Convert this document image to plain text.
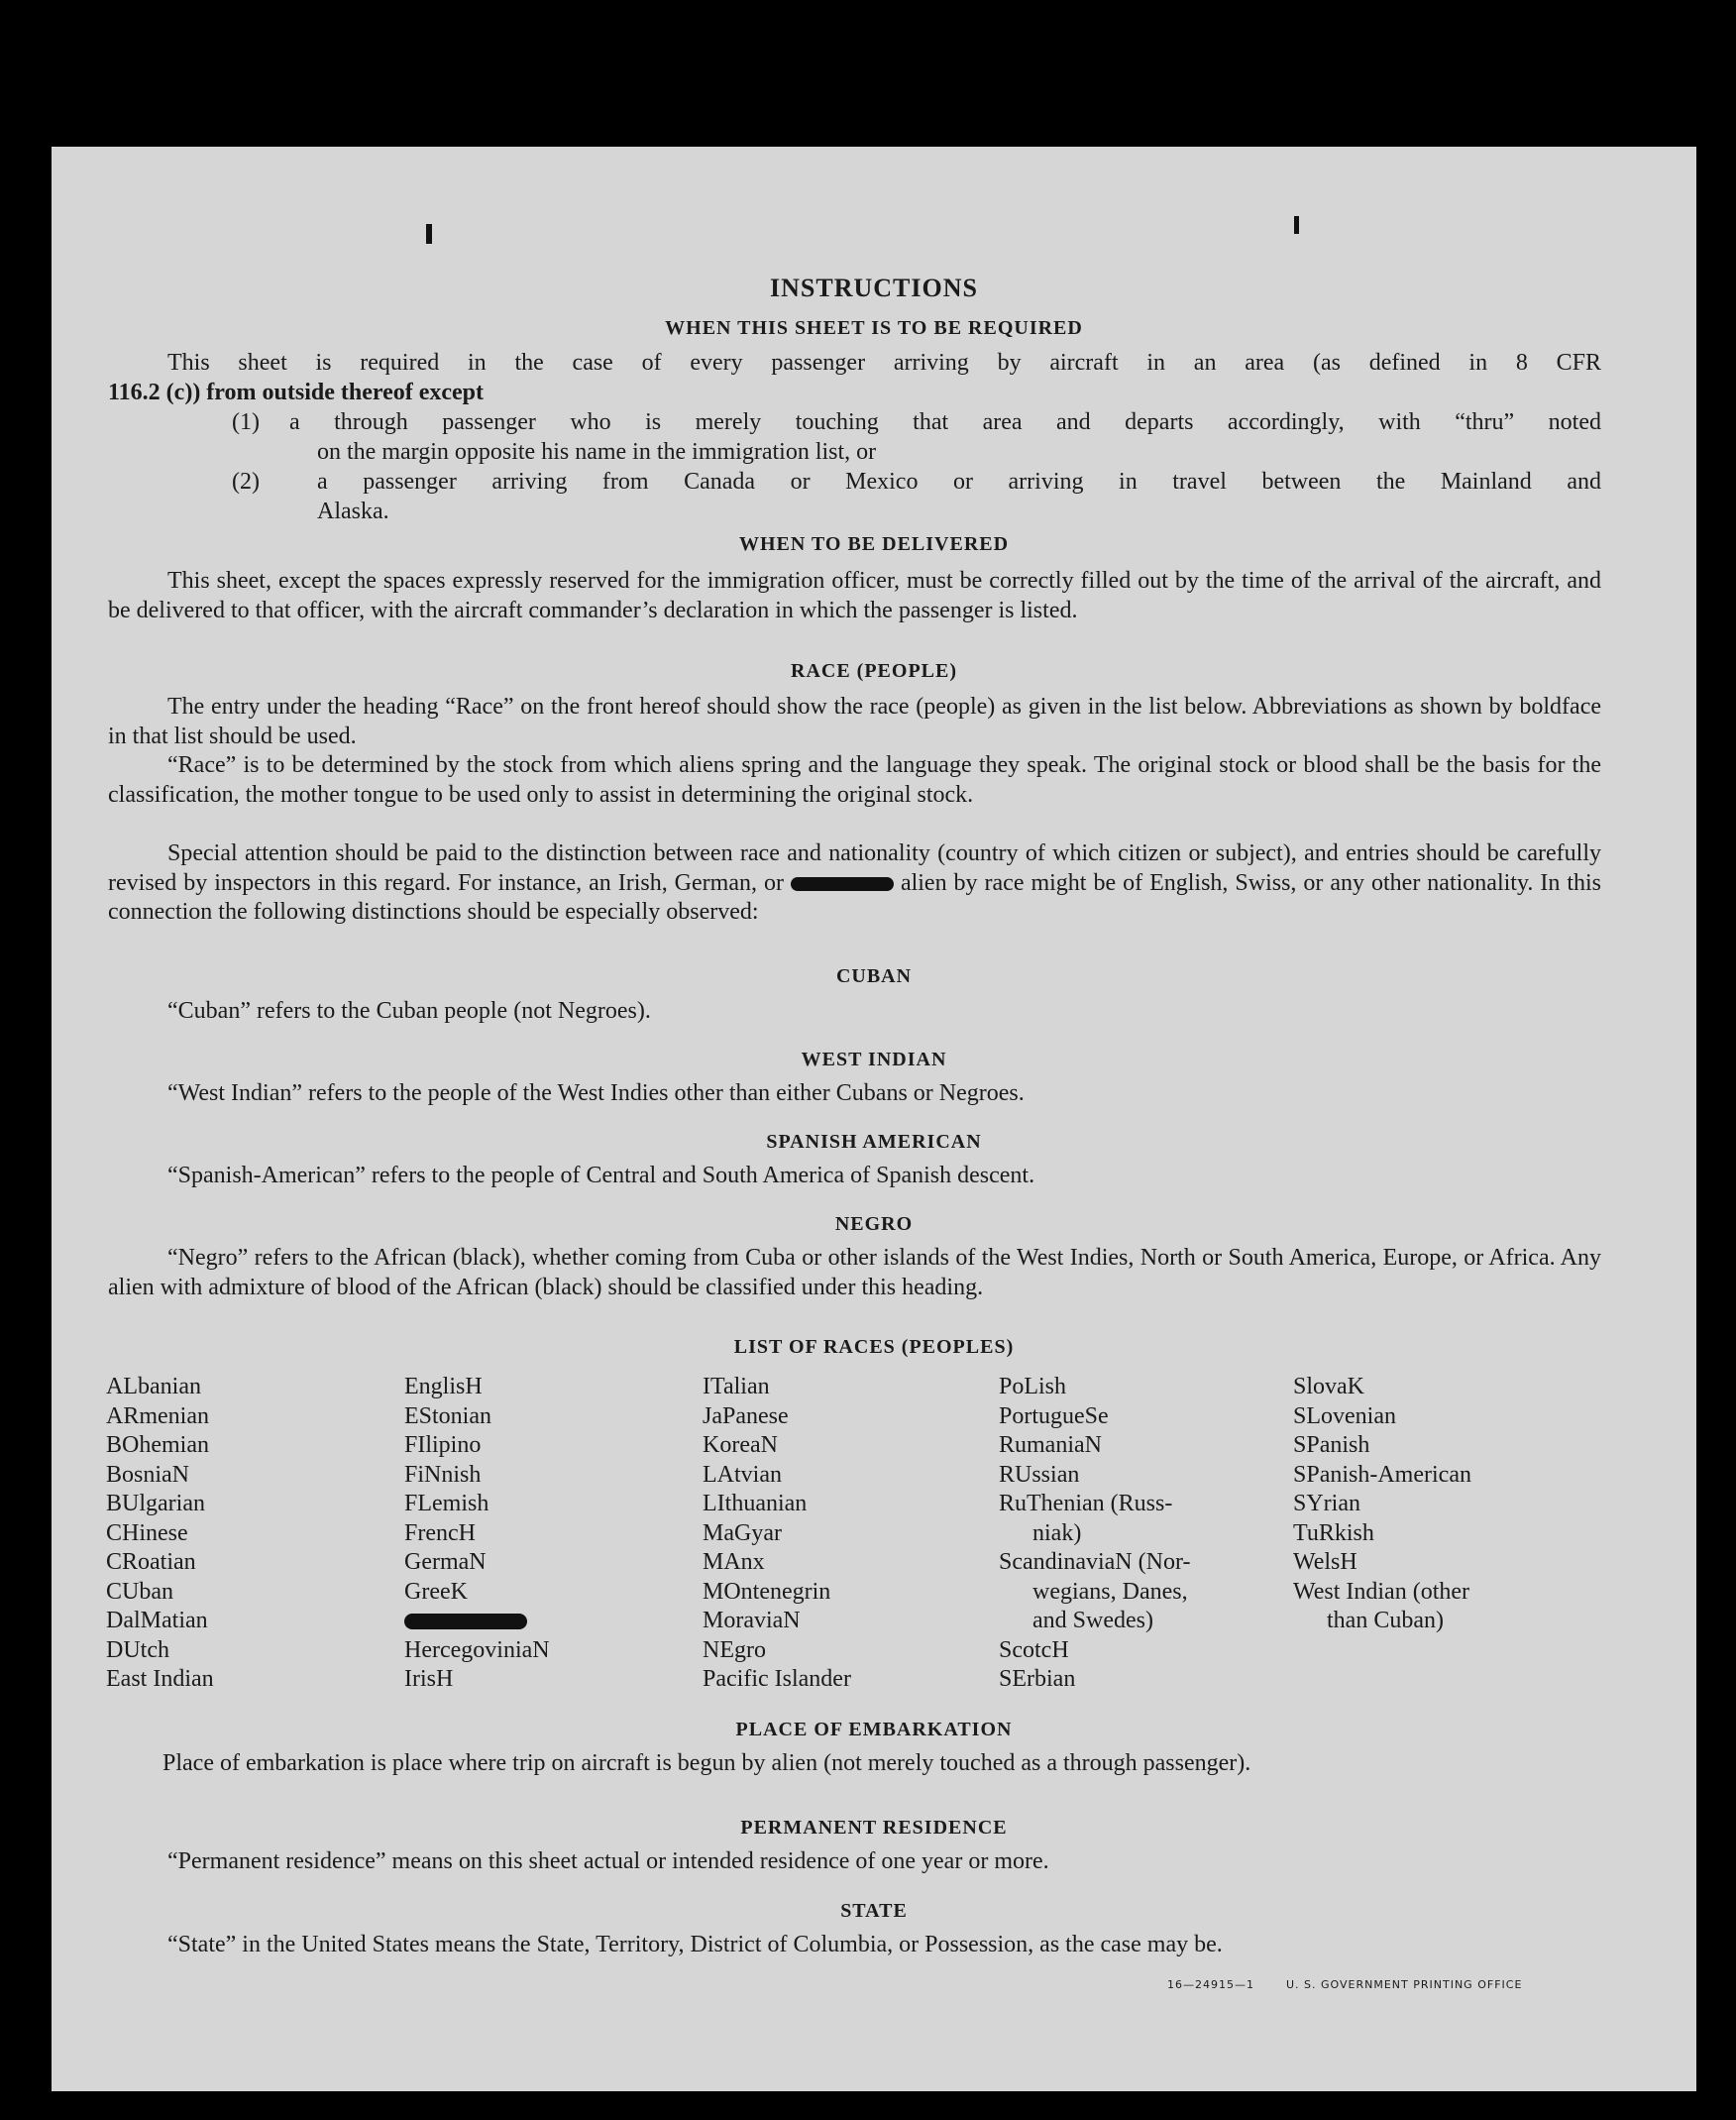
INSTRUCTIONS
WHEN THIS SHEET IS TO BE REQUIRED
This sheet is required in the case of every passenger arriving by aircraft in an area (as defined in 8 CFR
116.2 (c)) from outside thereof except
(1) a through passenger who is merely touching that area and departs accordingly, with “thru” noted
on the margin opposite his name in the immigration list, or
(2) a passenger arriving from Canada or Mexico or arriving in travel between the Mainland and
Alaska.
WHEN TO BE DELIVERED
This sheet, except the spaces expressly reserved for the immigration officer, must be correctly filled out by the time of the arrival of the aircraft, and be delivered to that officer, with the aircraft commander’s declaration in which the passenger is listed.
RACE (PEOPLE)
The entry under the heading “Race” on the front hereof should show the race (people) as given in the list below. Abbreviations as shown by boldface in that list should be used.
“Race” is to be determined by the stock from which aliens spring and the language they speak. The original stock or blood shall be the basis for the classification, the mother tongue to be used only to assist in determining the original stock.
Special attention should be paid to the distinction between race and nationality (country of which citizen or subject), and entries should be carefully revised by inspectors in this regard. For instance, an Irish, German, or	alien by race might be of English, Swiss, or any other nationality. In this connection the following distinctions should be especially observed:
CUBAN
“Cuban” refers to the Cuban people (not Negroes).
WEST INDIAN
“West Indian” refers to the people of the West Indies other than either Cubans or Negroes.
SPANISH AMERICAN
“Spanish-American” refers to the people of Central and South America of Spanish descent.
NEGRO
“Negro” refers to the African (black), whether coming from Cuba or other islands of the West Indies, North or South America, Europe, or Africa. Any alien with admixture of blood of the African (black) should be classified under this heading.
LIST OF RACES (PEOPLES)
ALbanian
ARmenian
BOhemian
BosniaN
BUlgarian
CHinese
CRoatian
CUban
DalMatian
DUtch
East Indian
EnglisH
EStonian
FIlipino
FiNnish
FLemish
FrencH
GermaN
GreeK
HercegoviniaN
IrisH
ITalian
JaPanese
KoreaN
LAtvian
LIthuanian
MaGyar
MAnx
MOntenegrin
MoraviaN
NEgro
Pacific Islander
PoLish
PortugueSe
RumaniaN
RUssian
RuThenian (Russ-
niak)
ScandinaviaN (Nor-
wegians, Danes,
and Swedes)
ScotcH
SErbian
SlovaK
SLovenian
SPanish
SPanish-American
SYrian
TuRkish
WelsH
West Indian (other
than Cuban)
PLACE OF EMBARKATION
Place of embarkation is place where trip on aircraft is begun by alien (not merely touched as a through passenger).
PERMANENT RESIDENCE
“Permanent residence” means on this sheet actual or intended residence of one year or more.
STATE
“State” in the United States means the State, Territory, District of Columbia, or Possession, as the case may be.
16—24915—1	U. S. GOVERNMENT PRINTING OFFICE
